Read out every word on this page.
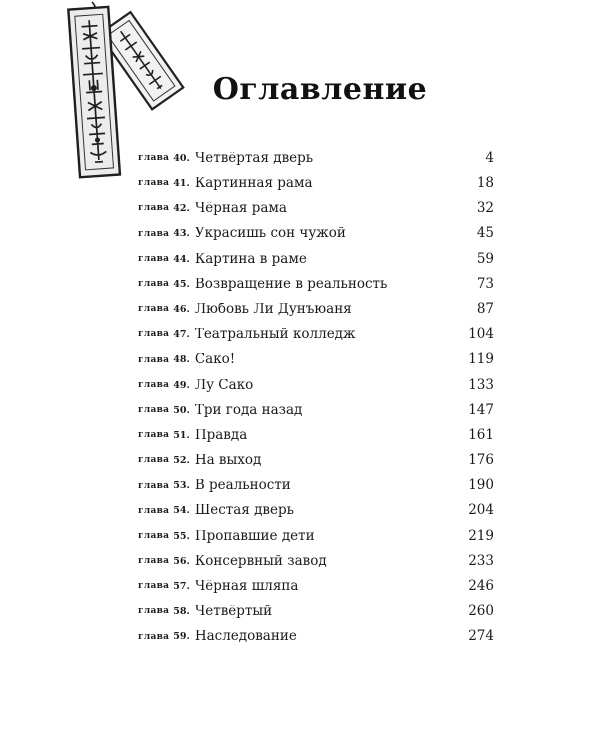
Оглавление
глава 40. Четвёртая дверь	4
глава 41. Картинная рама	18
глава 42. Чёрная рама	32
глава 43. Украсишь сон чужой	45
глава 44. Картина в раме	59
глава 45. Возвращение в реальность	73
глава 46. Любовь Ли Дунъюаня	87
глава 47. Театральный колледж	104
глава 48. Сако!	119
глава 49. Лу Сако	133
глава 50. Три года назад	147
глава 51. Правда	161
глава 52. На выход	176
глава 53. В реальности	190
глава 54. Шестая дверь	204
глава 55. Пропавшие дети	219
глава 56. Консервный завод	233
глава 57. Чёрная шляпа	246
глава 58. Четвёртый	260
глава 59. Наследование	274
